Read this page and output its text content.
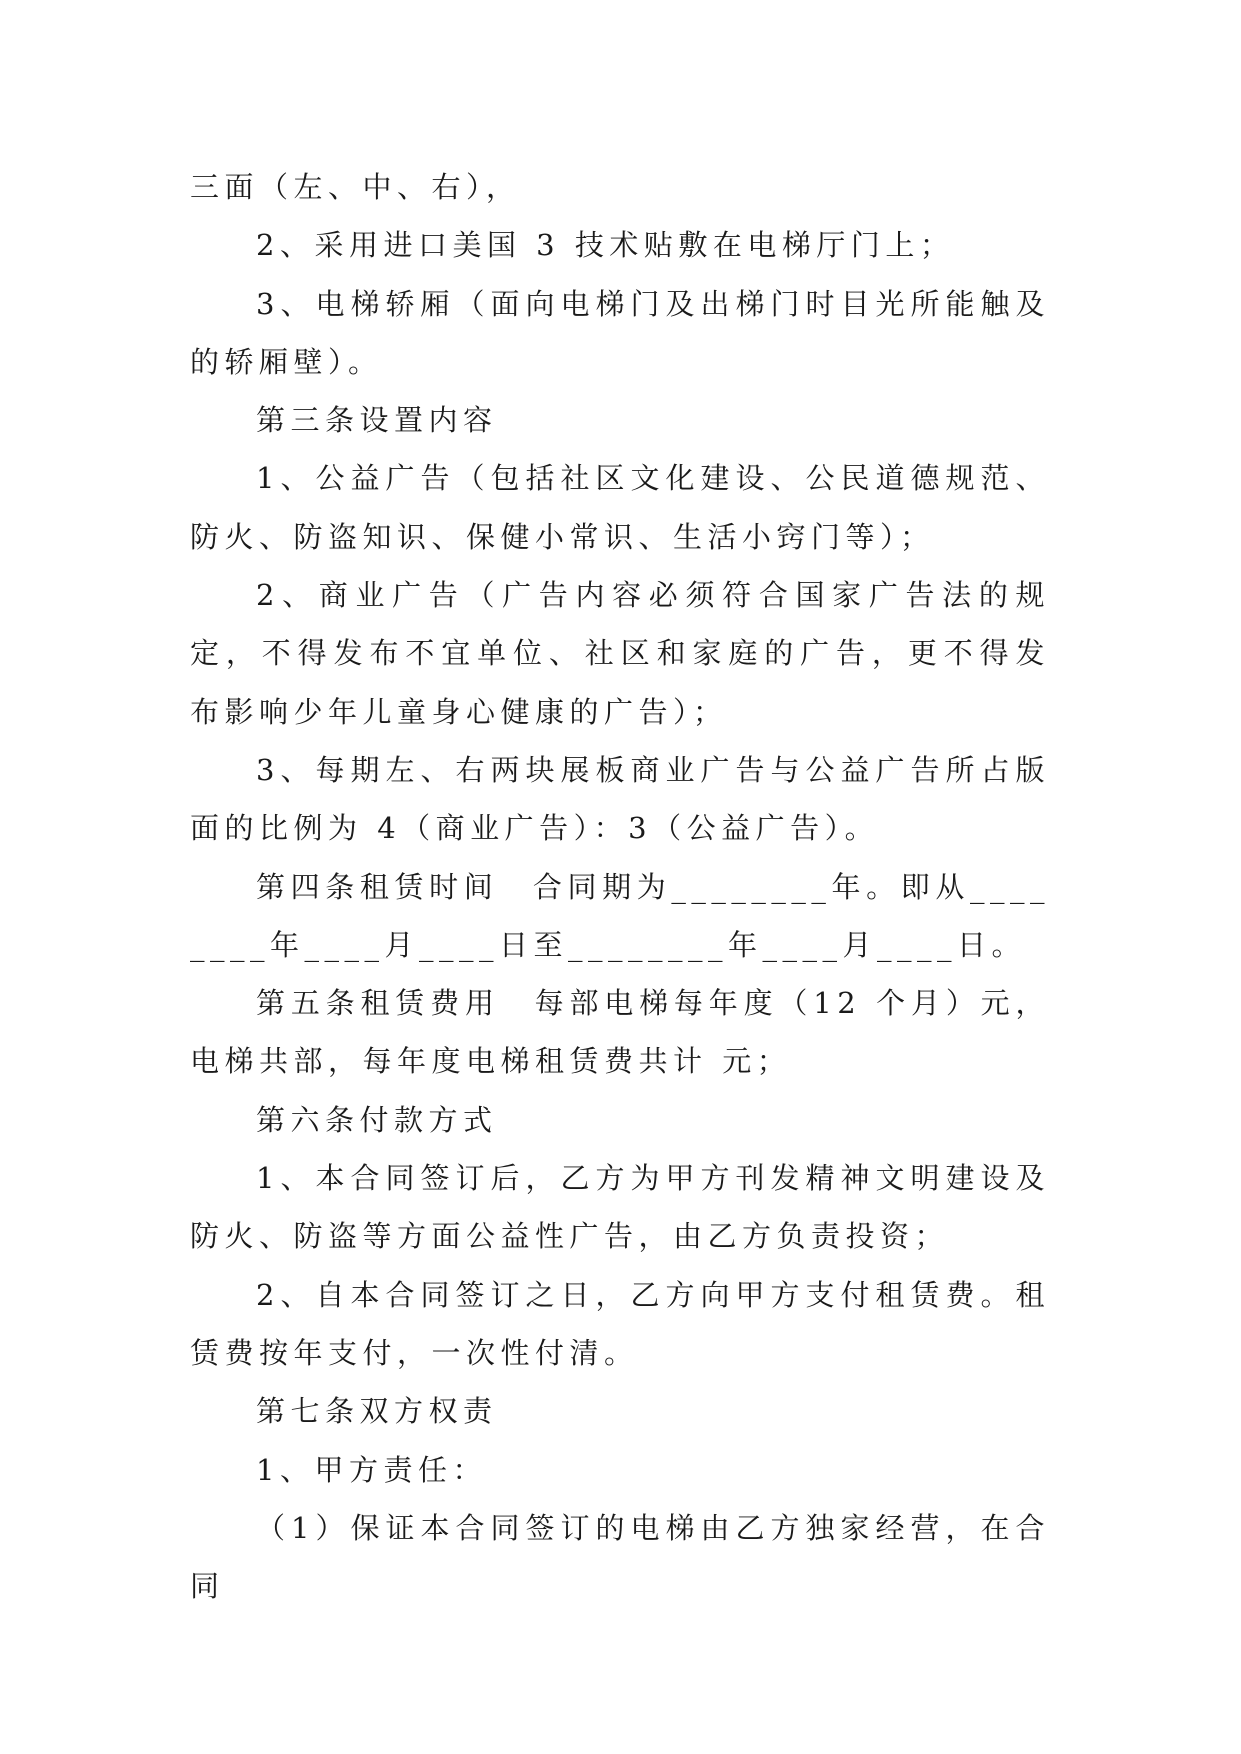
三面（左、中、右），

2、采用进口美国 3 技术贴敷在电梯厅门上；

3、电梯轿厢（面向电梯门及出梯门时目光所能触及的轿厢壁）。

第三条设置内容

1、公益广告（包括社区文化建设、公民道德规范、防火、防盗知识、保健小常识、生活小窍门等）；

2、商业广告（广告内容必须符合国家广告法的规定，不得发布不宜单位、社区和家庭的广告，更不得发布影响少年儿童身心健康的广告）；

3、每期左、右两块展板商业广告与公益广告所占版面的比例为 4（商业广告）：3（公益广告）。

第四条租赁时间　合同期为________年。即从________年____月____日至________年____月____日。

第五条租赁费用　每部电梯每年度（12 个月）元，电梯共部，每年度电梯租赁费共计 元；

第六条付款方式

1、本合同签订后，乙方为甲方刊发精神文明建设及防火、防盗等方面公益性广告，由乙方负责投资；

2、自本合同签订之日，乙方向甲方支付租赁费。租赁费按年支付，一次性付清。

第七条双方权责

1、甲方责任：

（1）保证本合同签订的电梯由乙方独家经营，在合同
